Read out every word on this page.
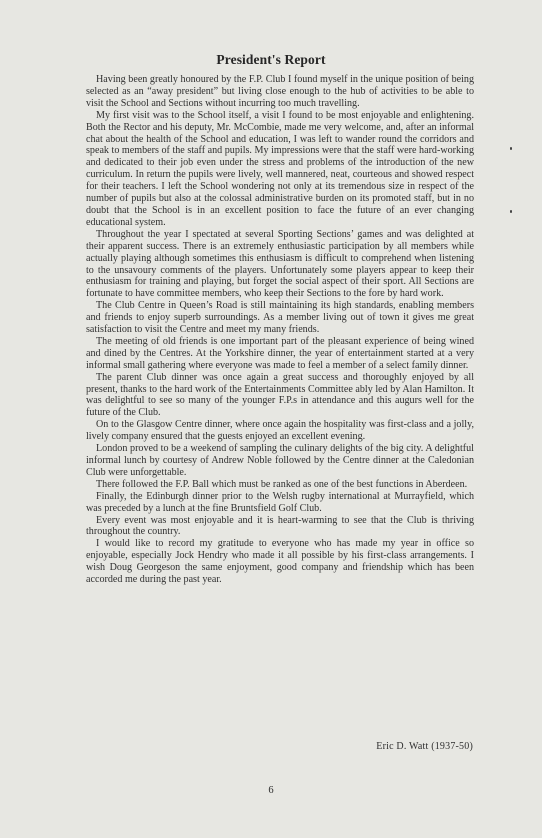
President's Report

Having been greatly honoured by the F.P. Club I found myself in the unique position of being selected as an “away president” but living close enough to the hub of activities to be able to visit the School and Sections without incurring too much travelling.

My first visit was to the School itself, a visit I found to be most enjoyable and enlightening. Both the Rector and his deputy, Mr. McCombie, made me very welcome, and, after an informal chat about the health of the School and education, I was left to wander round the corridors and speak to members of the staff and pupils. My impressions were that the staff were hard-working and dedicated to their job even under the stress and problems of the introduction of the new curriculum. In return the pupils were lively, well mannered, neat, courteous and showed respect for their teachers. I left the School wondering not only at its tremendous size in respect of the number of pupils but also at the colossal administrative burden on its promoted staff, but in no doubt that the School is in an excellent position to face the future of an ever changing educational system.

Throughout the year I spectated at several Sporting Sections’ games and was delighted at their apparent success. There is an extremely enthusiastic participation by all members while actually playing although sometimes this enthusiasm is difficult to comprehend when listening to the unsavoury comments of the players. Unfortunately some players appear to keep their enthusiasm for training and playing, but forget the social aspect of their sport. All Sections are fortunate to have committee members, who keep their Sections to the fore by hard work.

The Club Centre in Queen’s Road is still maintaining its high standards, enabling members and friends to enjoy superb surroundings. As a member living out of town it gives me great satisfaction to visit the Centre and meet my many friends.

The meeting of old friends is one important part of the pleasant experience of being wined and dined by the Centres. At the Yorkshire dinner, the year of entertainment started at a very informal small gathering where everyone was made to feel a member of a select family dinner.

The parent Club dinner was once again a great success and thoroughly enjoyed by all present, thanks to the hard work of the Entertainments Committee ably led by Alan Hamilton. It was delightful to see so many of the younger F.P.s in attendance and this augurs well for the future of the Club.

On to the Glasgow Centre dinner, where once again the hospitality was first-class and a jolly, lively company ensured that the guests enjoyed an excellent evening.

London proved to be a weekend of sampling the culinary delights of the big city. A delightful informal lunch by courtesy of Andrew Noble followed by the Centre dinner at the Caledonian Club were unforgettable.

There followed the F.P. Ball which must be ranked as one of the best functions in Aberdeen.

Finally, the Edinburgh dinner prior to the Welsh rugby international at Murrayfield, which was preceded by a lunch at the fine Bruntsfield Golf Club.

Every event was most enjoyable and it is heart-warming to see that the Club is thriving throughout the country.

I would like to record my gratitude to everyone who has made my year in office so enjoyable, especially Jock Hendry who made it all possible by his first-class arrangements. I wish Doug Georgeson the same enjoyment, good company and friendship which has been accorded me during the past year.

Eric D. Watt (1937-50)
6
